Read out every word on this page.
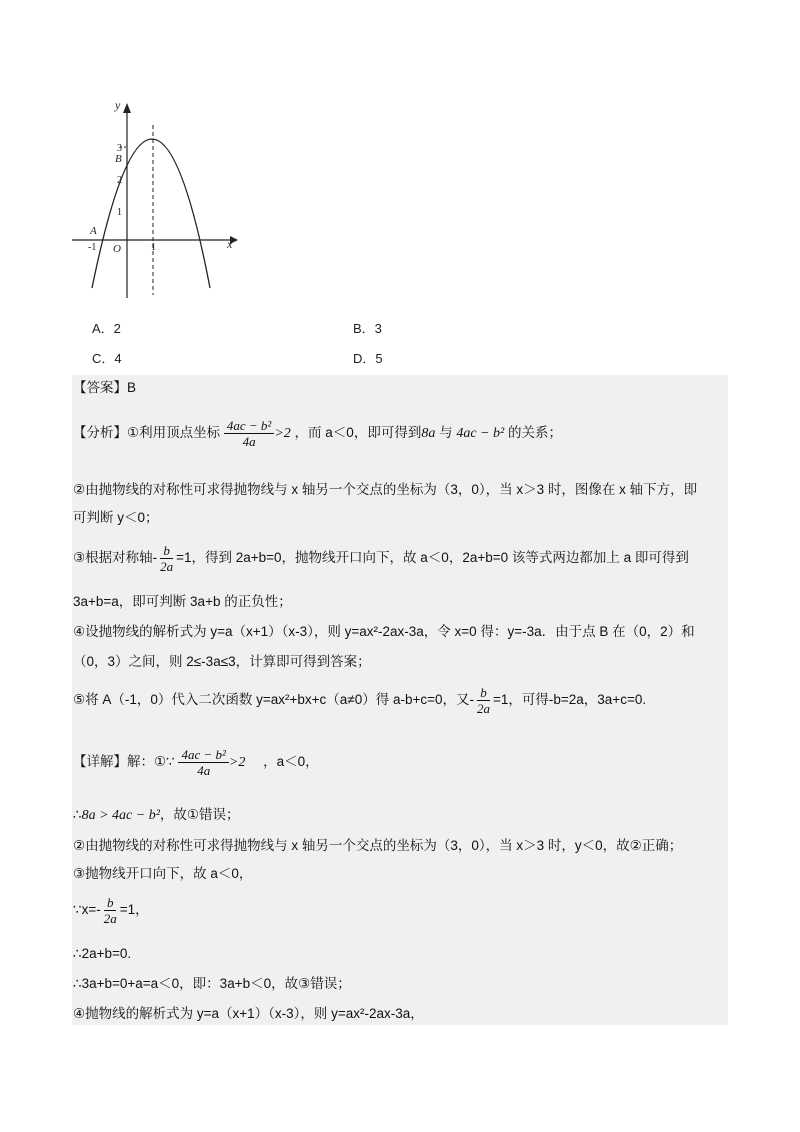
y
x
3
B
2
1
A
-1 O	1
A．2	B．3
C．4	D．5
【答案】B
【分析】①利用顶点坐标 $\frac{\text{4ac − b²}}{4a} >2$ ，而 a＜0，即可得到8a 与 4ac − b² 的关系；
②由抛物线的对称性可求得抛物线与 x 轴另一个交点的坐标为（3，0），当 x＞3 时，图像在 x 轴下方，即
可判断 y＜0；
③根据对称轴- $\frac{b}{2a} =1$，得到 2a+b=0，抛物线开口向下，故 a＜0，2a+b=0 该等式两边都加上 a 即可得到
3a+b=a，即可判断 3a+b 的正负性；
④设抛物线的解析式为 y=a（x+1）（x-3），则 y=ax²-2ax-3a，令 x=0 得：y=-3a．由于点 B 在（0，2）和
（0，3）之间，则 2≤-3a≤3，计算即可得到答案；
⑤将 A（-1，0）代入二次函数 y=ax²+bx+c（a≠0）得 a-b+c=0，又- $\frac{b}{2a} =1$，可得-b=2a，3a+c=0.
【详解】解：①∵ $\frac{\text{4ac − b²}}{4a} >2$ ，a＜0，
∴8a > 4ac − b²，故①错误；
②由抛物线的对称性可求得抛物线与 x 轴另一个交点的坐标为（3，0），当 x＞3 时，y＜0，故②正确；
③抛物线开口向下，故 a＜0，
∵x=- $\frac{b}{2a} =1$，
∴2a+b=0.
∴3a+b=0+a=a＜0，即：3a+b＜0，故③错误；
④抛物线的解析式为 y=a（x+1）（x-3），则 y=ax²-2ax-3a，
